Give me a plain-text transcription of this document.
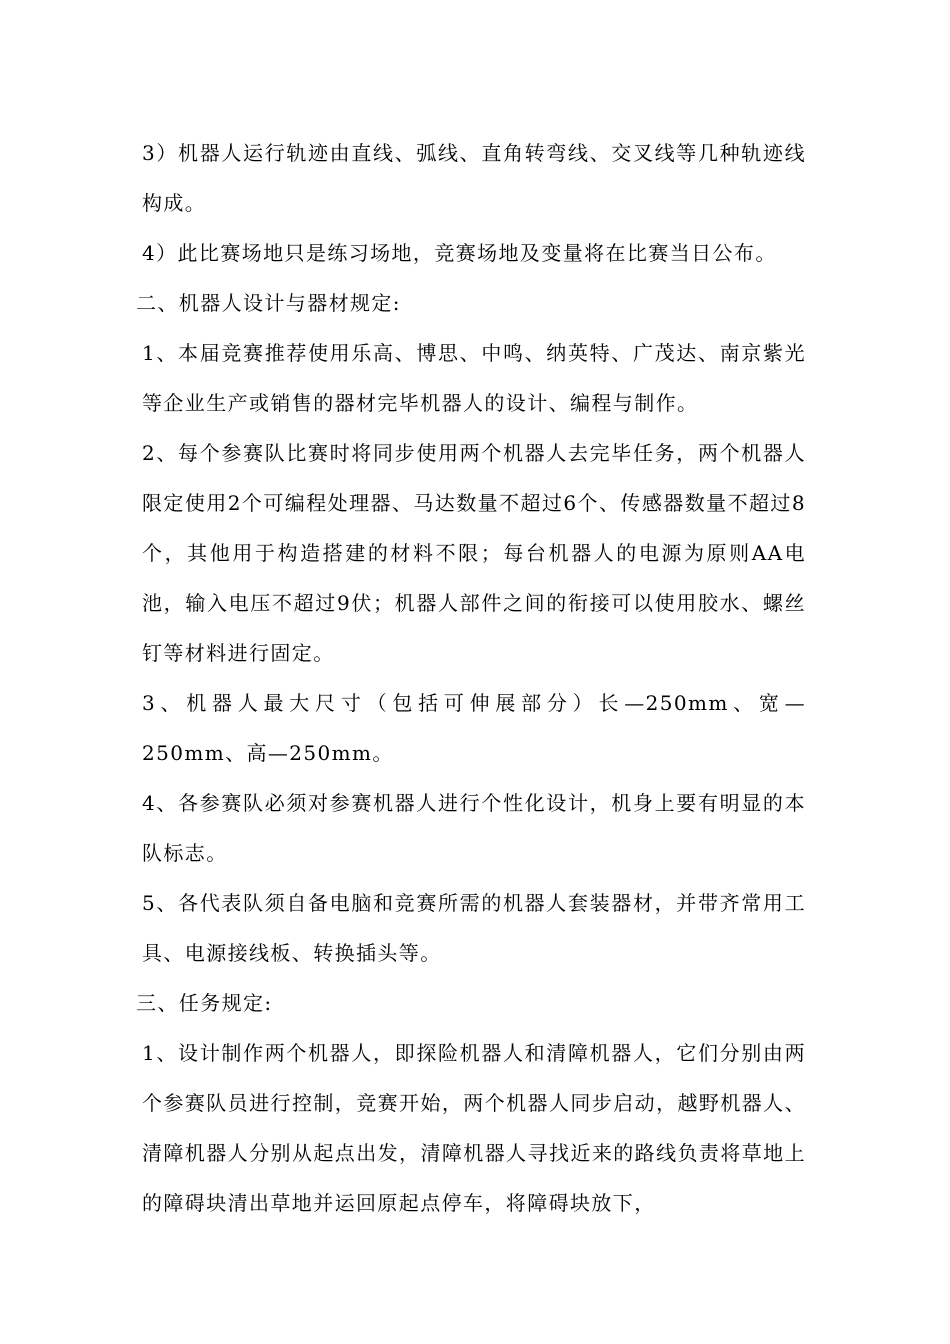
3）机器人运行轨迹由直线、弧线、直角转弯线、交叉线等几种轨迹线构成。

4）此比赛场地只是练习场地，竞赛场地及变量将在比赛当日公布。

二、机器人设计与器材规定:

1、本届竞赛推荐使用乐高、博思、中鸣、纳英特、广茂达、南京紫光等企业生产或销售的器材完毕机器人的设计、编程与制作。

2、每个参赛队比赛时将同步使用两个机器人去完毕任务，两个机器人限定使用2个可编程处理器、马达数量不超过6个、传感器数量不超过8个，其他用于构造搭建的材料不限；每台机器人的电源为原则AA电池，输入电压不超过9伏；机器人部件之间的衔接可以使用胶水、螺丝钉等材料进行固定。

3、机器人最大尺寸（包括可伸展部分）长—250mm、宽—250mm、高—250mm。

4、各参赛队必须对参赛机器人进行个性化设计，机身上要有明显的本队标志。

5、各代表队须自备电脑和竞赛所需的机器人套装器材，并带齐常用工具、电源接线板、转换插头等。

三、任务规定:

1、设计制作两个机器人，即探险机器人和清障机器人，它们分别由两个参赛队员进行控制，竞赛开始，两个机器人同步启动，越野机器人、清障机器人分别从起点出发，清障机器人寻找近来的路线负责将草地上的障碍块清出草地并运回原起点停车，将障碍块放下，
